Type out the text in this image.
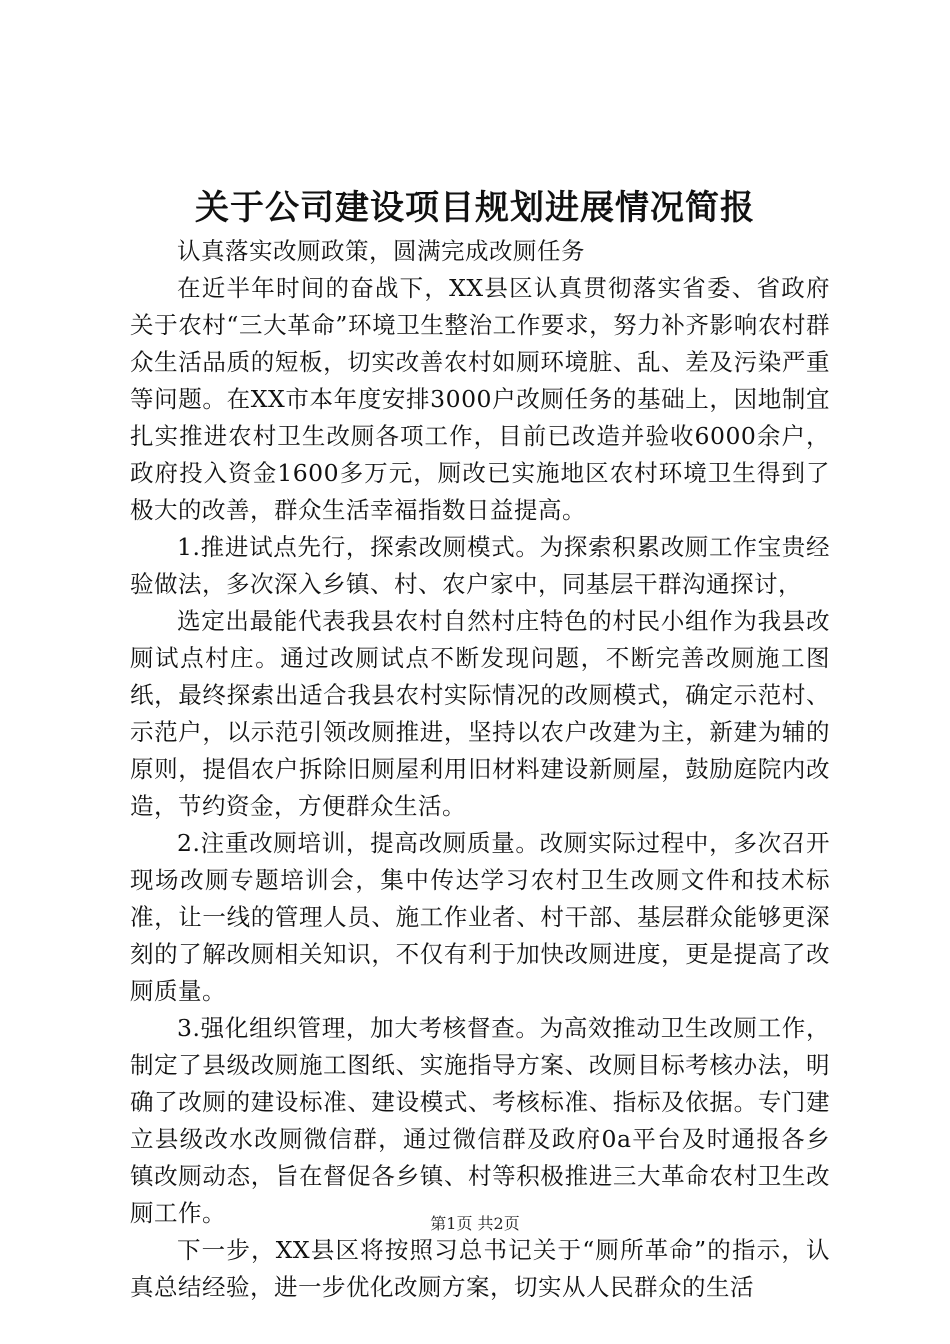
关于公司建设项目规划进展情况简报

认真落实改厕政策，圆满完成改厕任务

在近半年时间的奋战下，XX县区认真贯彻落实省委、省政府关于农村“三大革命”环境卫生整治工作要求，努力补齐影响农村群众生活品质的短板，切实改善农村如厕环境脏、乱、差及污染严重等问题。在XX市本年度安排3000户改厕任务的基础上，因地制宜扎实推进农村卫生改厕各项工作，目前已改造并验收6000余户，政府投入资金1600多万元，厕改已实施地区农村环境卫生得到了极大的改善，群众生活幸福指数日益提高。

1.推进试点先行，探索改厕模式。为探索积累改厕工作宝贵经验做法，多次深入乡镇、村、农户家中，同基层干群沟通探讨，

选定出最能代表我县农村自然村庄特色的村民小组作为我县改厕试点村庄。通过改厕试点不断发现问题，不断完善改厕施工图纸，最终探索出适合我县农村实际情况的改厕模式，确定示范村、示范户，以示范引领改厕推进，坚持以农户改建为主，新建为辅的原则，提倡农户拆除旧厕屋利用旧材料建设新厕屋，鼓励庭院内改造，节约资金，方便群众生活。

2.注重改厕培训，提高改厕质量。改厕实际过程中，多次召开现场改厕专题培训会，集中传达学习农村卫生改厕文件和技术标准，让一线的管理人员、施工作业者、村干部、基层群众能够更深刻的了解改厕相关知识，不仅有利于加快改厕进度，更是提高了改厕质量。

3.强化组织管理，加大考核督查。为高效推动卫生改厕工作，制定了县级改厕施工图纸、实施指导方案、改厕目标考核办法，明确了改厕的建设标准、建设模式、考核标准、指标及依据。专门建立县级改水改厕微信群，通过微信群及政府0a平台及时通报各乡镇改厕动态，旨在督促各乡镇、村等积极推进三大革命农村卫生改厕工作。

下一步，XX县区将按照习总书记关于“厕所革命”的指示，认真总结经验，进一步优化改厕方案，切实从人民群众的生活

第1页 共2页
